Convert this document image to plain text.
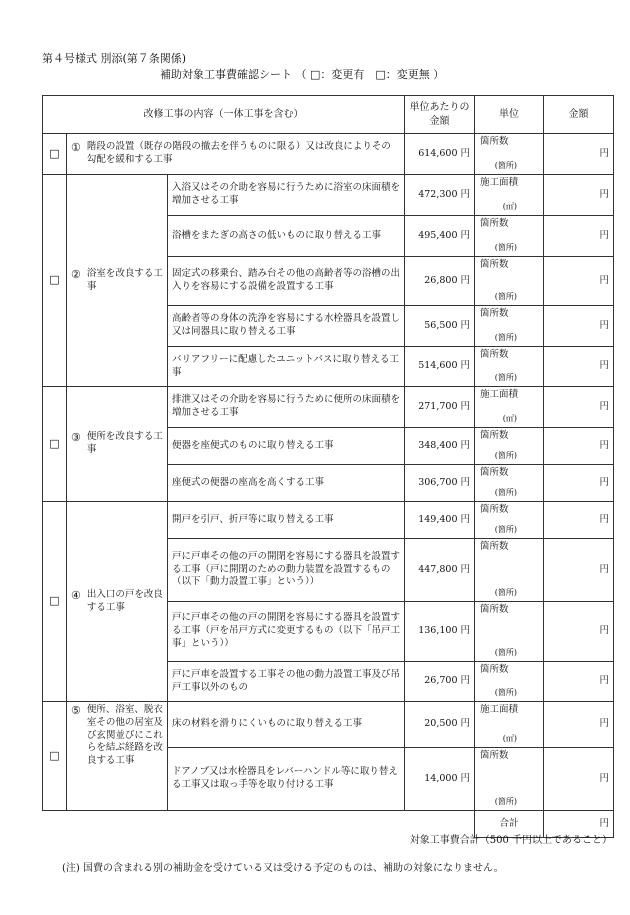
第４号様式 別添(第７条関係)
補助対象工事費確認シート （ □：変更有　□：変更無 ）
改修工事の内容（一体工事を含む）			単位あたりの金額	単位	金額
□	① 階段の設置（既存の階段の撤去を伴うものに限る）又は改良によりその勾配を緩和する工事		614,600 円	箇所数
(箇所)	円
□	② 浴室を改良する工事	入浴又はその介助を容易に行うために浴室の床面積を増加させる工事	472,300 円	施工面積
(㎡)	円
		浴槽をまたぎの高さの低いものに取り替える工事	495,400 円	箇所数
(箇所)	円
		固定式の移乗台、踏み台その他の高齢者等の浴槽の出入りを容易にする設備を設置する工事	26,800 円	箇所数
(箇所)	円
		高齢者等の身体の洗浄を容易にする水栓器具を設置し又は同器具に取り替える工事	56,500 円	箇所数
(箇所)	円
		バリアフリーに配慮したユニットバスに取り替える工事	514,600 円	箇所数
(箇所)	円
□	③ 便所を改良する工事	排泄又はその介助を容易に行うために便所の床面積を増加させる工事	271,700 円	施工面積
(㎡)	円
		便器を座便式のものに取り替える工事	348,400 円	箇所数
(箇所)	円
		座便式の便器の座高を高くする工事	306,700 円	箇所数
(箇所)	円
□	④ 出入口の戸を改良する工事	開戸を引戸、折戸等に取り替える工事	149,400 円	箇所数
(箇所)	円
		戸に戸車その他の戸の開閉を容易にする器具を設置する工事（戸に開閉のための動力装置を設置するもの（以下「動力設置工事」という））	447,800 円	箇所数
(箇所)	円
		戸に戸車その他の戸の開閉を容易にする器具を設置する工事（戸を吊戸方式に変更するもの（以下「吊戸工事」という））	136,100 円	箇所数
(箇所)	円
		戸に戸車を設置する工事その他の動力設置工事及び吊戸工事以外のもの	26,700 円	箇所数
(箇所)	円
□	⑤ 便所、浴室、脱衣室その他の居室及び玄関並びにこれらを結ぶ経路を改良する工事	床の材料を滑りにくいものに取り替える工事	20,500 円	施工面積
(㎡)	円
		ドアノブ又は水栓器具をレバーハンドル等に取り替える工事又は取っ手等を取り付ける工事	14,000 円	箇所数
(箇所)	円
				合計	円
対象工事費合計（500 千円以上であること）
(注) 国費の含まれる別の補助金を受けている又は受ける予定のものは、補助の対象になりません。
